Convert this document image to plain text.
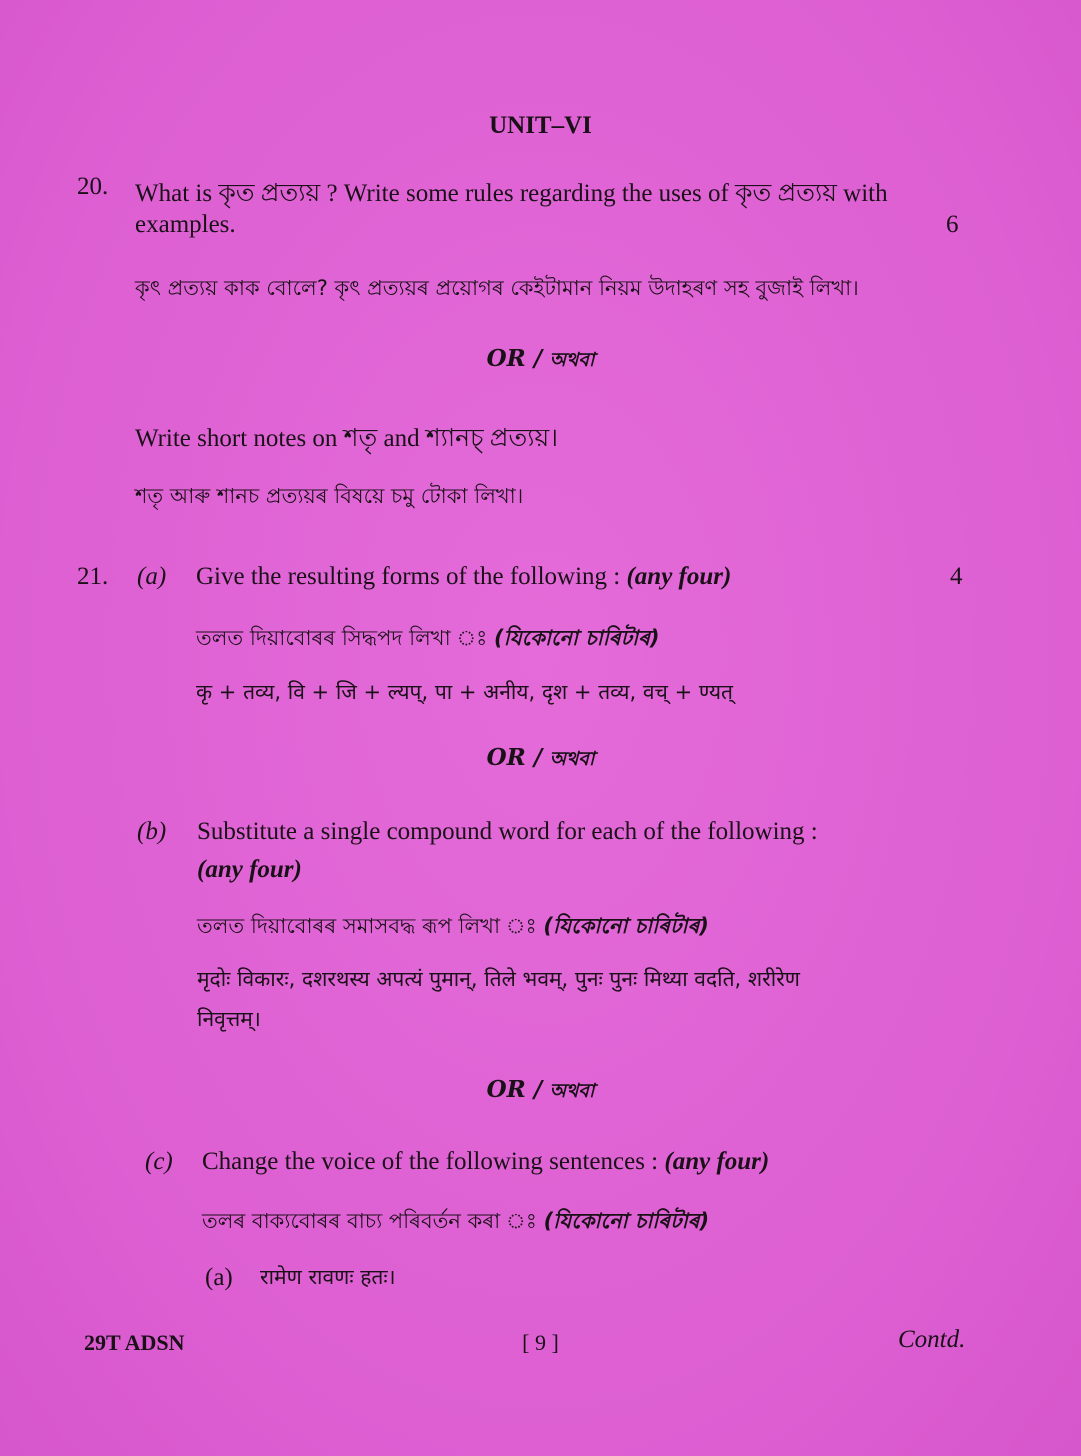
UNIT–VI
20. What is কৃত প্ৰত্যয় ? Write some rules regarding the uses of কৃত প্ৰত্যয় with
examples.	6
কৃৎ প্ৰত্যয় কাক বোলে? কৃৎ প্ৰত্যয়ৰ প্ৰয়োগৰ কেইটামান নিয়ম উদাহৰণ সহ বুজাই লিখা।
OR / অথবা
Write short notes on শতৃ and শ্যানচ্ প্ৰত্যয়।
শতৃ আৰু শানচ প্ৰত্যয়ৰ বিষয়ে চমু টোকা লিখা।
21. (a) Give the resulting forms of the following : (any four)	4
তলত দিয়াবোৰৰ সিদ্ধপদ লিখা ঃ (যিকোনো চাৰিটাৰ)
कृ + तव्य, वि + जि + ल्यप्, पा + अनीय, दृश + तव्य, वच् + ण्यत्
OR / অথবা
(b) Substitute a single compound word for each of the following :
(any four)
তলত দিয়াবোৰৰ সমাসবদ্ধ ৰূপ লিখা ঃ (যিকোনো চাৰিটাৰ)
मृदोः विकारः, दशरथस्य अपत्यं पुमान्, तिले भवम्, पुनः पुनः मिथ्या वदति, शरीरेण
निवृत्तम्।
OR / অথবা
(c) Change the voice of the following sentences : (any four)
তলৰ বাক্যবোৰৰ বাচ্য পৰিবৰ্তন কৰা ঃ (যিকোনো চাৰিটাৰ)
(a) रामेण रावणः हतः।
29T ADSN	[ 9 ]	Contd.
